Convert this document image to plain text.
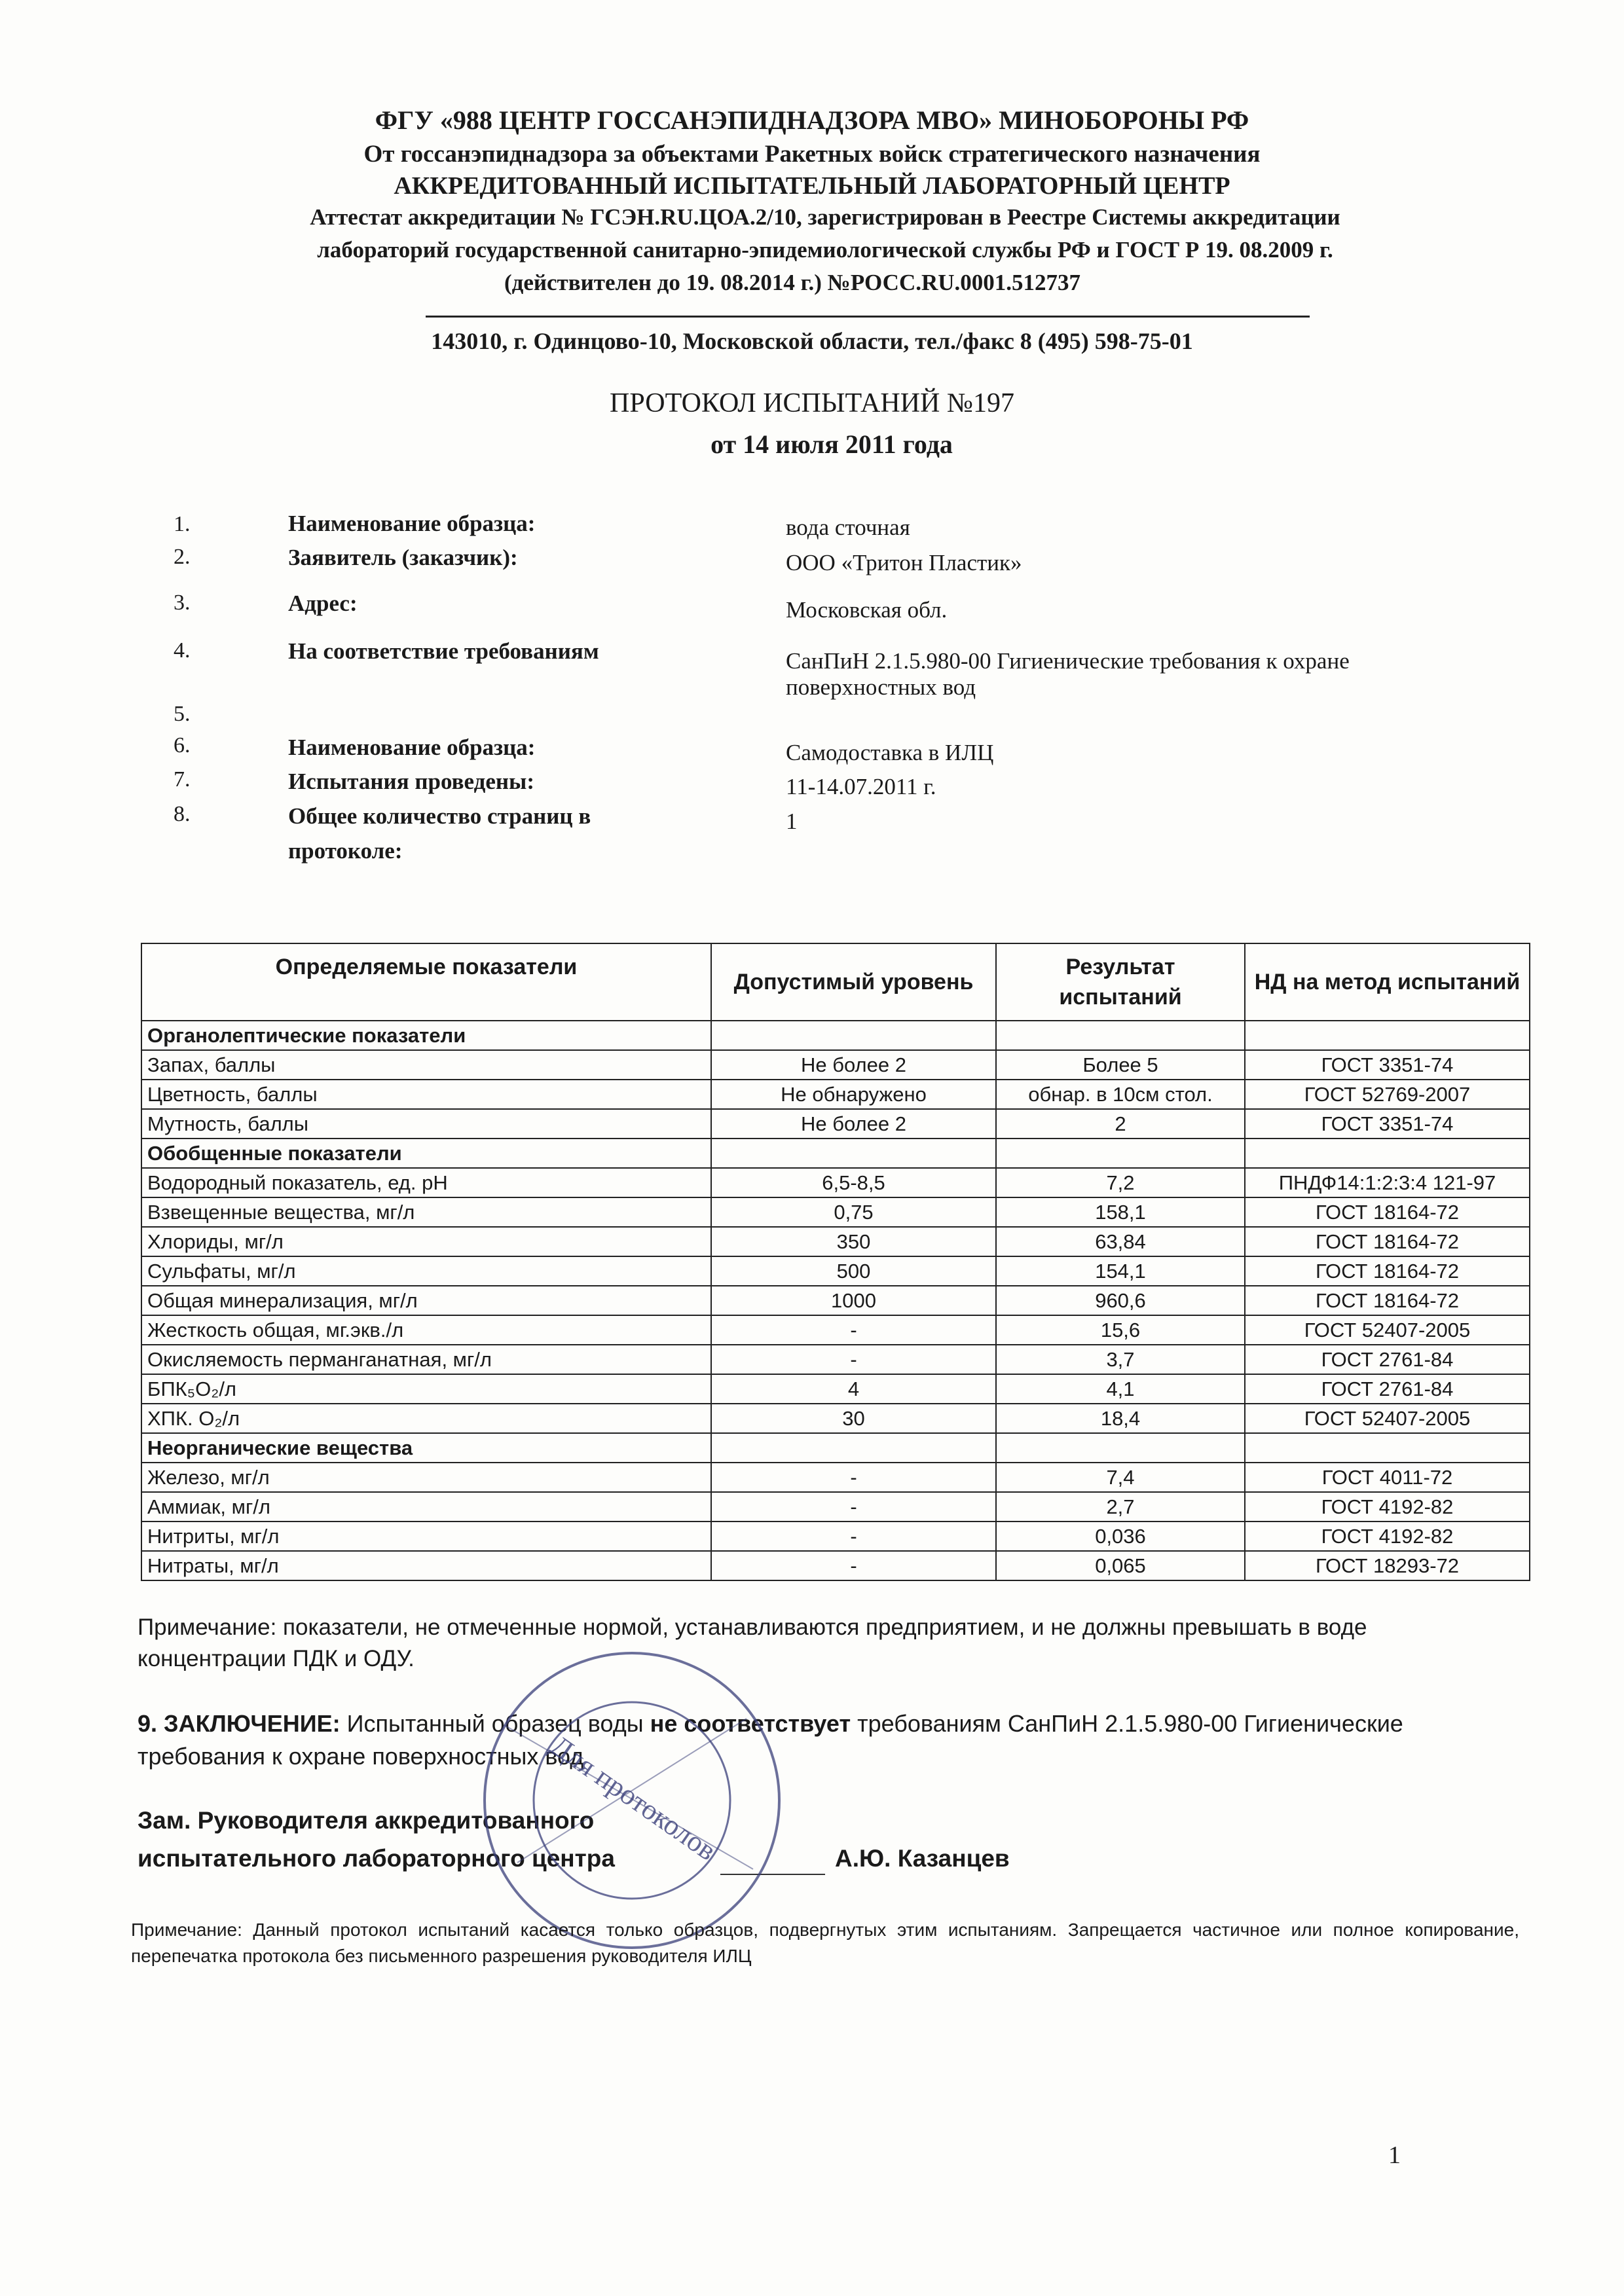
ФГУ «988 ЦЕНТР ГОССАНЭПИДНАДЗОРА МВО» МИНОБОРОНЫ РФ
От госсанэпиднадзора за объектами Ракетных войск стратегического назначения
АККРЕДИТОВАННЫЙ ИСПЫТАТЕЛЬНЫЙ ЛАБОРАТОРНЫЙ ЦЕНТР
Аттестат аккредитации № ГСЭН.RU.ЦОА.2/10, зарегистрирован в Реестре Системы аккредитации
лабораторий государственной санитарно-эпидемиологической службы РФ и ГОСТ Р 19. 08.2009 г.
(действителен до 19. 08.2014 г.) №РОСС.RU.0001.512737
143010, г. Одинцово-10, Московской области, тел./факс 8 (495) 598-75-01
ПРОТОКОЛ ИСПЫТАНИЙ №197
от 14 июля 2011 года
1.	Наименование образца:	вода сточная
2.	Заявитель (заказчик):	ООО «Тритон Пластик»
3.	Адрес:	Московская обл.
4.	На соответствие требованиям	СанПиН 2.1.5.980-00 Гигиенические требования к охране
поверхностных вод
5.
6.	Наименование образца:	Самодоставка в ИЛЦ
7.	Испытания проведены:	11-14.07.2011 г.
8.	Общее количество страниц в
протоколе:
1
Определяемые показатели	Допустимый уровень	Результат испытаний	НД на метод испытаний
Органолептические показатели			
Запах, баллы	Не более 2	Более 5	ГОСТ 3351-74
Цветность, баллы	Не обнаружено	обнар. в 10см стол.	ГОСТ 52769-2007
Мутность, баллы	Не более 2	2	ГОСТ 3351-74
Обобщенные показатели			
Водородный показатель, ед. pH	6,5-8,5	7,2	ПНДФ14:1:2:3:4 121-97
Взвещенные вещества, мг/л	0,75	158,1	ГОСТ 18164-72
Хлориды, мг/л	350	63,84	ГОСТ 18164-72
Сульфаты, мг/л	500	154,1	ГОСТ 18164-72
Общая минерализация, мг/л	1000	960,6	ГОСТ 18164-72
Жесткость общая, мг.экв./л	-	15,6	ГОСТ 52407-2005
Окисляемость перманганатная, мг/л	-	3,7	ГОСТ 2761-84
БПК₅O₂/л	4	4,1	ГОСТ 2761-84
ХПК. O₂/л	30	18,4	ГОСТ 52407-2005
Неорганические вещества			
Железо, мг/л	-	7,4	ГОСТ 4011-72
Аммиак, мг/л	-	2,7	ГОСТ 4192-82
Нитриты, мг/л	-	0,036	ГОСТ 4192-82
Нитраты, мг/л	-	0,065	ГОСТ 18293-72
Примечание: показатели, не отмеченные нормой, устанавливаются предприятием, и не должны превышать в воде концентрации ПДК и ОДУ.
9. ЗАКЛЮЧЕНИЕ: Испытанный образец воды не соответствует требованиям СанПиН 2.1.5.980-00 Гигиенические требования к охране поверхностных вод
Зам. Руководителя аккредитованного
испытательного лабораторного центра	А.Ю. Казанцев
Для протоколов
Примечание: Данный протокол испытаний касается только образцов, подвергнутых этим испытаниям. Запрещается частичное или полное копирование, перепечатка протокола без письменного разрешения руководителя ИЛЦ
1
